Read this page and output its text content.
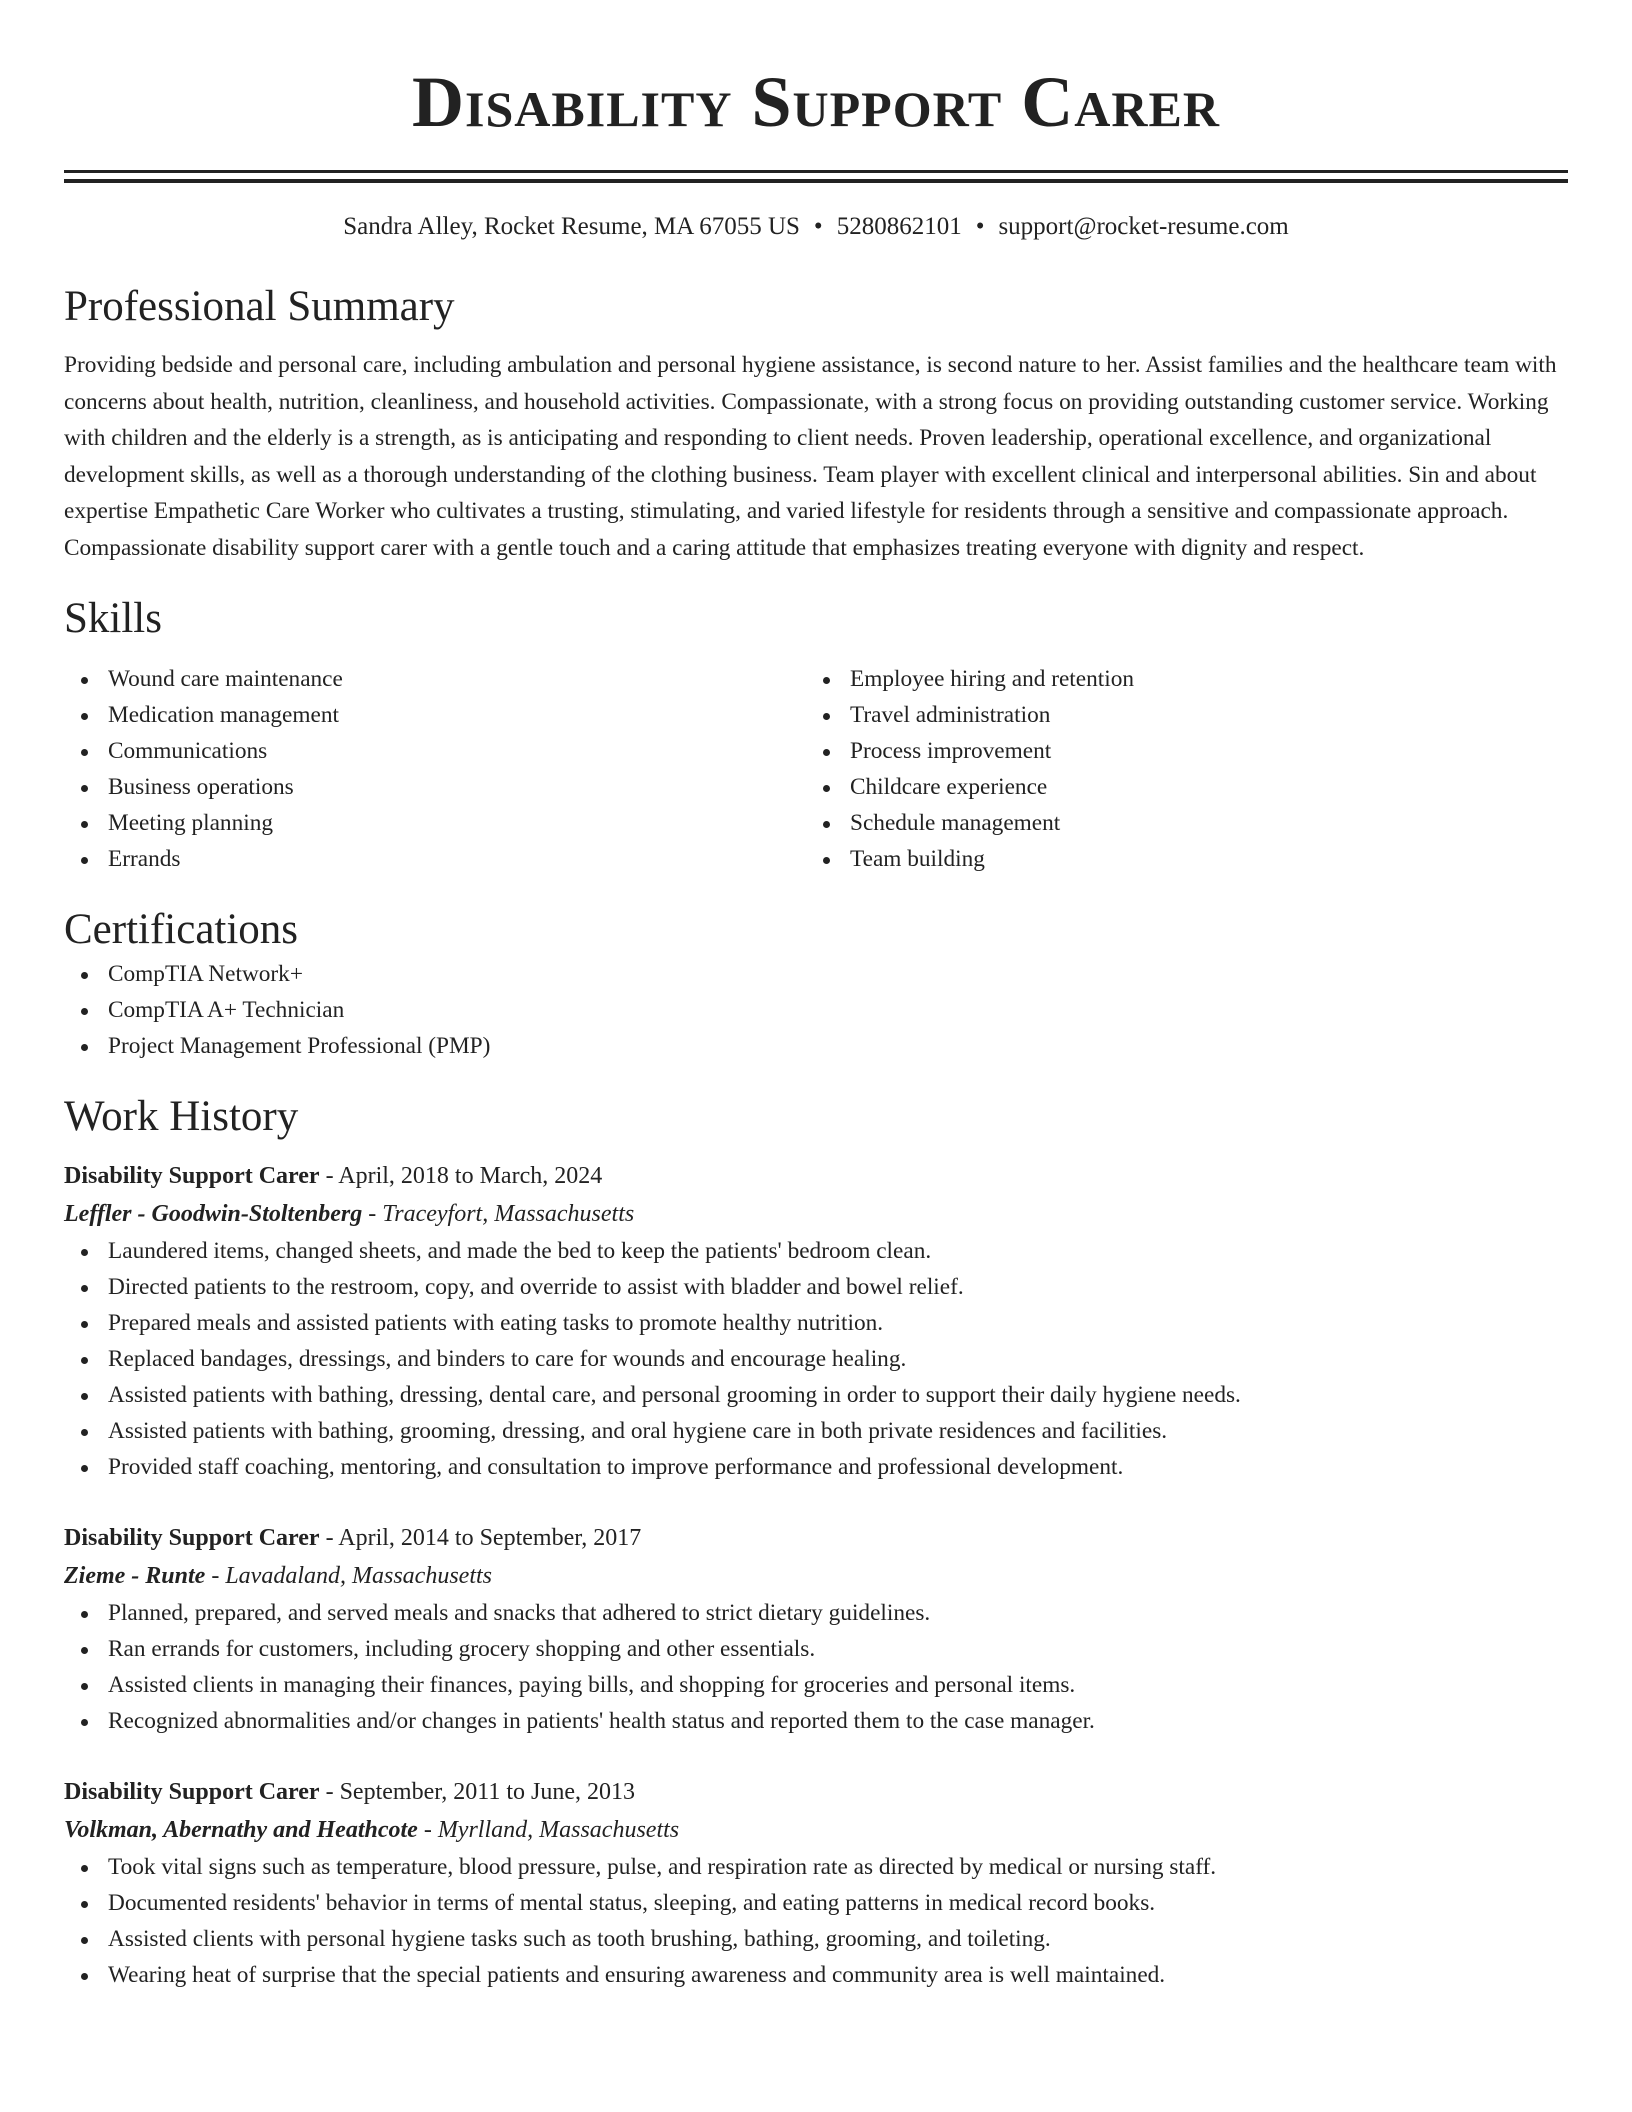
Disability Support Carer
Sandra Alley, Rocket Resume, MA 67055 US • 5280862101 • support@rocket-resume.com
Professional Summary

Providing bedside and personal care, including ambulation and personal hygiene assistance, is second nature to her. Assist families and the healthcare team with concerns about health, nutrition, cleanliness, and household activities. Compassionate, with a strong focus on providing outstanding customer service. Working with children and the elderly is a strength, as is anticipating and responding to client needs. Proven leadership, operational excellence, and organizational development skills, as well as a thorough understanding of the clothing business. Team player with excellent clinical and interpersonal abilities. Sin and about expertise Empathetic Care Worker who cultivates a trusting, stimulating, and varied lifestyle for residents through a sensitive and compassionate approach. Compassionate disability support carer with a gentle touch and a caring attitude that emphasizes treating everyone with dignity and respect.

Skills
Wound care maintenance
Medication management
Communications
Business operations
Meeting planning
Errands
Employee hiring and retention
Travel administration
Process improvement
Childcare experience
Schedule management
Team building
Certifications
CompTIA Network+
CompTIA A+ Technician
Project Management Professional (PMP)
Work History
Disability Support Carer - April, 2018 to March, 2024
Leffler - Goodwin-Stoltenberg - Traceyfort, Massachusetts
Laundered items, changed sheets, and made the bed to keep the patients' bedroom clean.
Directed patients to the restroom, copy, and override to assist with bladder and bowel relief.
Prepared meals and assisted patients with eating tasks to promote healthy nutrition.
Replaced bandages, dressings, and binders to care for wounds and encourage healing.
Assisted patients with bathing, dressing, dental care, and personal grooming in order to support their daily hygiene needs.
Assisted patients with bathing, grooming, dressing, and oral hygiene care in both private residences and facilities.
Provided staff coaching, mentoring, and consultation to improve performance and professional development.
Disability Support Carer - April, 2014 to September, 2017
Zieme - Runte - Lavadaland, Massachusetts
Planned, prepared, and served meals and snacks that adhered to strict dietary guidelines.
Ran errands for customers, including grocery shopping and other essentials.
Assisted clients in managing their finances, paying bills, and shopping for groceries and personal items.
Recognized abnormalities and/or changes in patients' health status and reported them to the case manager.
Disability Support Carer - September, 2011 to June, 2013
Volkman, Abernathy and Heathcote - Myrlland, Massachusetts
Took vital signs such as temperature, blood pressure, pulse, and respiration rate as directed by medical or nursing staff.
Documented residents' behavior in terms of mental status, sleeping, and eating patterns in medical record books.
Assisted clients with personal hygiene tasks such as tooth brushing, bathing, grooming, and toileting.
Wearing heat of surprise that the special patients and ensuring awareness and community area is well maintained.
